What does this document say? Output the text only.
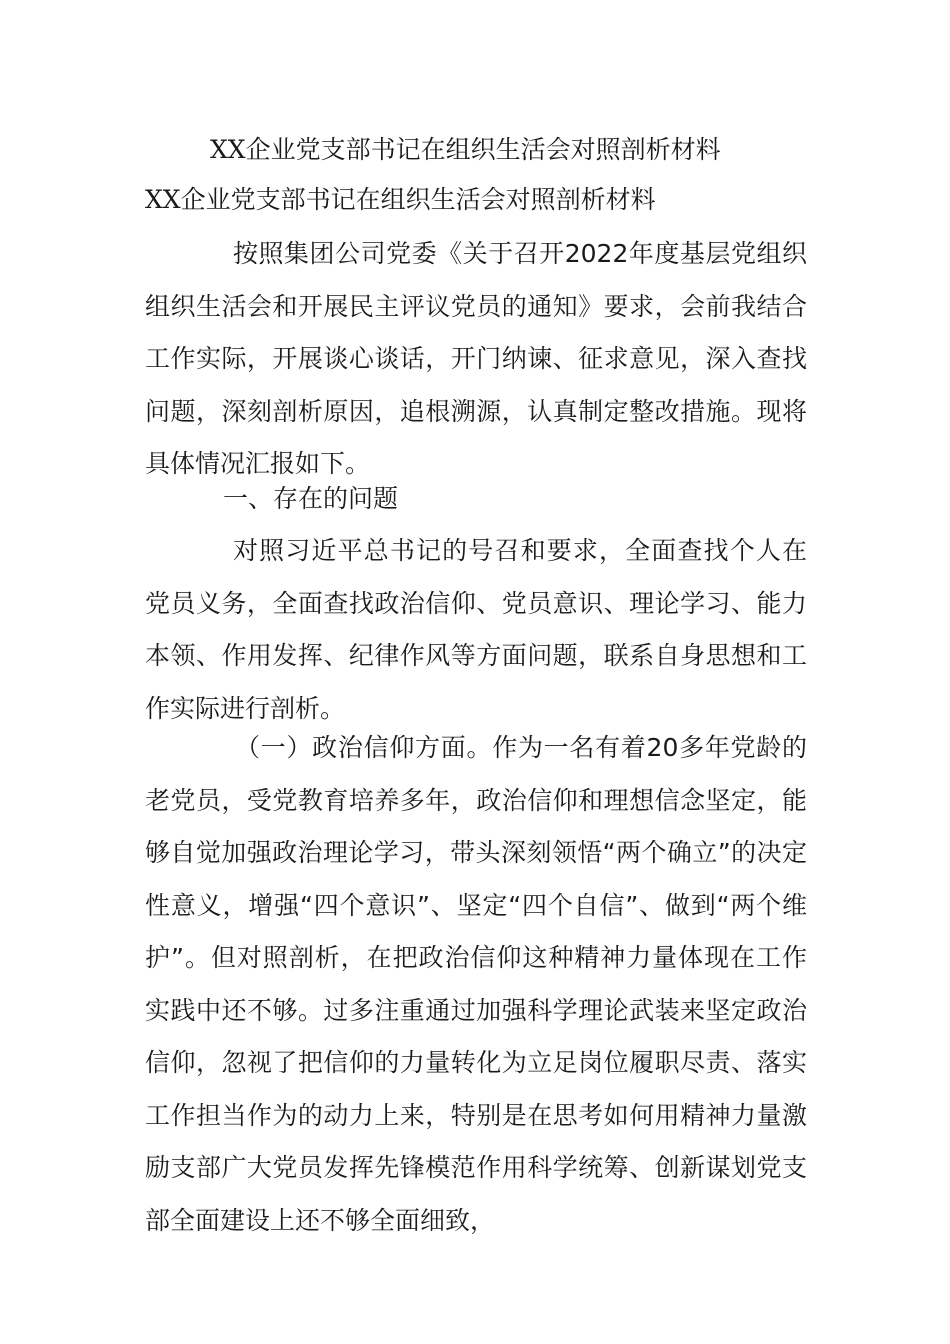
XX企业党支部书记在组织生活会对照剖析材料
XX企业党支部书记在组织生活会对照剖析材料

按照集团公司党委《关于召开2022年度基层党组织组织生活会和开展民主评议党员的通知》要求，会前我结合工作实际，开展谈心谈话，开门纳谏、征求意见，深入查找问题，深刻剖析原因，追根溯源，认真制定整改措施。现将具体情况汇报如下。

一、存在的问题

对照习近平总书记的号召和要求，全面查找个人在党员义务，全面查找政治信仰、党员意识、理论学习、能力本领、作用发挥、纪律作风等方面问题，联系自身思想和工作实际进行剖析。

（一）政治信仰方面。作为一名有着20多年党龄的老党员，受党教育培养多年，政治信仰和理想信念坚定，能够自觉加强政治理论学习，带头深刻领悟“两个确立”的决定性意义，增强“四个意识”、坚定“四个自信”、做到“两个维护”。但对照剖析，在把政治信仰这种精神力量体现在工作实践中还不够。过多注重通过加强科学理论武装来坚定政治信仰，忽视了把信仰的力量转化为立足岗位履职尽责、落实工作担当作为的动力上来，特别是在思考如何用精神力量激励支部广大党员发挥先锋模范作用科学统筹、创新谋划党支部全面建设上还不够全面细致，
